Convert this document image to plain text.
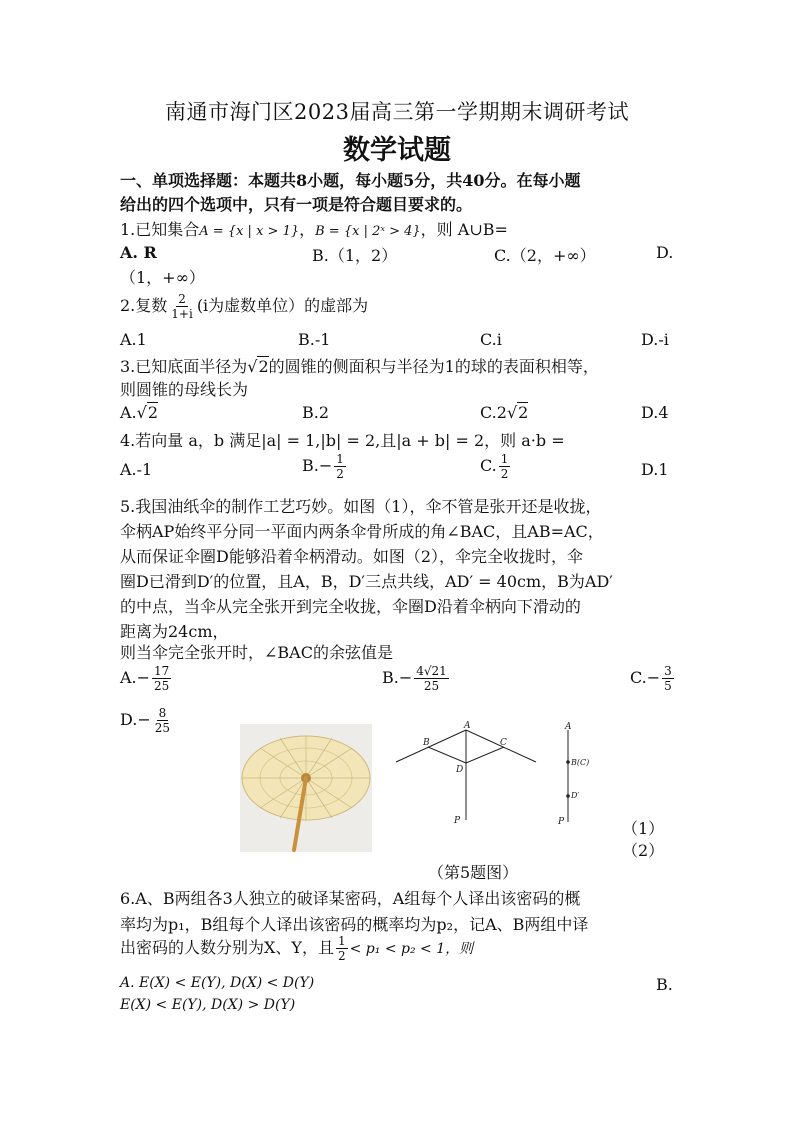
南通市海门区2023届高三第一学期期末调研考试
数学试题
一、单项选择题：本题共8小题，每小题5分，共40分。在每小题
给出的四个选项中，只有一项是符合题目要求的。
1.已知集合A = {x | x > 1}，B = {x | 2ˣ > 4}，则 A∪B=
A. R	B.（1，2）	C.（2，+∞）	D.
（1，+∞）
2.复数 $\frac{2}{1+i} (i$为虚数单位）的虚部为
A.1	B.-1	C.i	D.-i
3.已知底面半径为√2的圆锥的侧面积与半径为1的球的表面积相等，
则圆锥的母线长为
A.√2	B.2	C.2√2	D.4
4.若向量 a，b 满足|a| = 1,|b| = 2,且|a + b| = 2，则 a·b =
A.-1	$B.- \frac{1}{2}$	C. $\frac{1}{2}$	D.1
5.我国油纸伞的制作工艺巧妙。如图（1），伞不管是张开还是收拢，
伞柄AP始终平分同一平面内两条伞骨所成的角∠BAC，且AB=AC，
从而保证伞圈D能够沿着伞柄滑动。如图（2），伞完全收拢时，伞
圈D已滑到D′的位置，且A，B，D′三点共线，AD′ = 40cm，B为AD′
的中点，当伞从完全张开到完全收拢，伞圈D沿着伞柄向下滑动的
距离为24cm，
则当伞完全张开时，∠BAC的余弦值是
$A.- \frac{17}{25}$	$B.- \frac{4√21}{25}$	$C.- \frac{3}{5}$
$D.- \frac{8}{25}$	A
B	C
D
P
A
B(C)
D′
P	（1）
（2）
（第5题图）
6.A、B两组各3人独立的破译某密码，A组每个人译出该密码的概
率均为p₁，B组每个人译出该密码的概率均为p₂，记A、B两组中译
出密码的人数分别为X、Y，且 $\frac{1}{2} < p_1 < p_2 < 1$，则
A. E(X) < E(Y), D(X) < D(Y)	B.
E(X) < E(Y), D(X) > D(Y)
